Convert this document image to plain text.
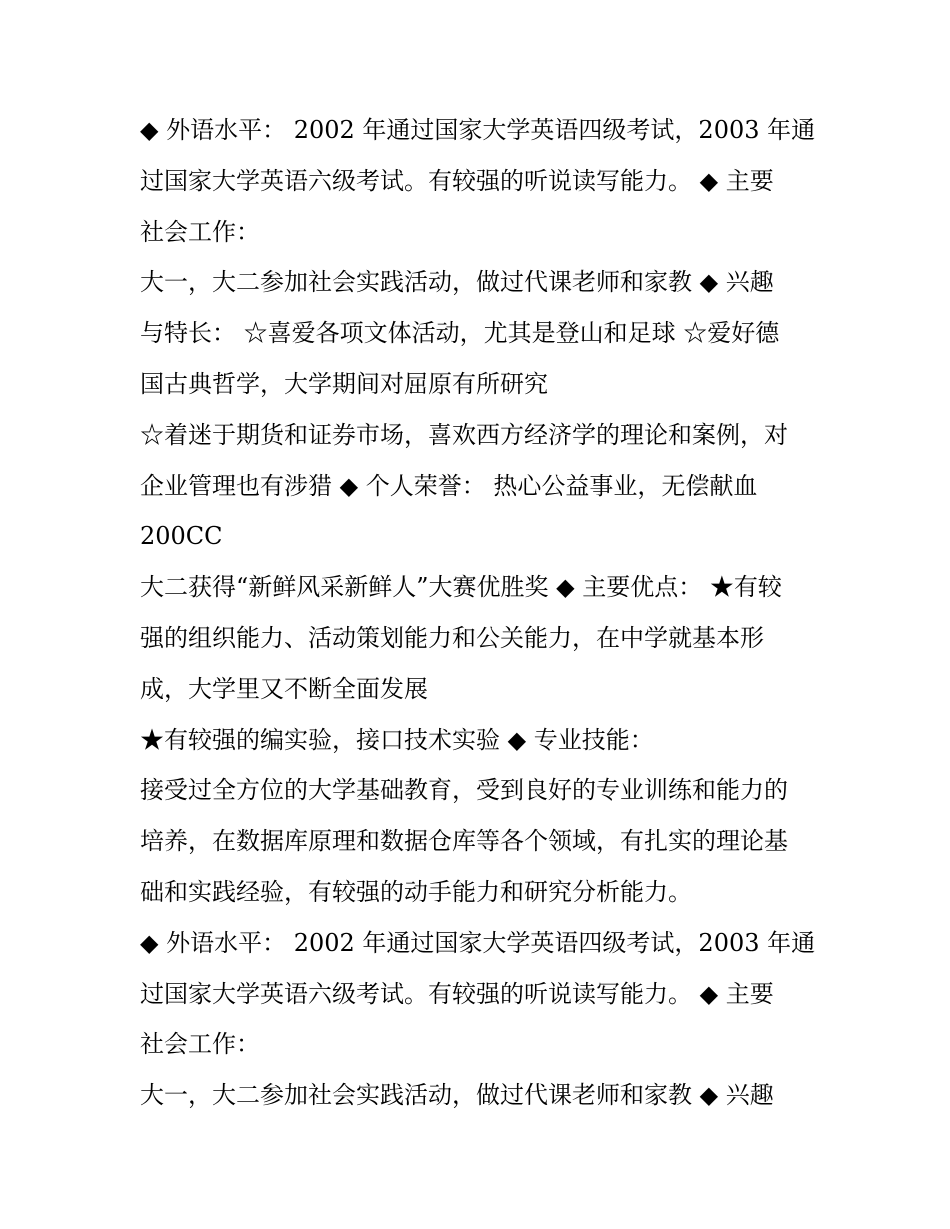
◆ 外语水平： 2002 年通过国家大学英语四级考试，2003 年通
过国家大学英语六级考试。有较强的听说读写能力。 ◆ 主要
社会工作：
大一，大二参加社会实践活动，做过代课老师和家教 ◆ 兴趣
与特长： ☆喜爱各项文体活动，尤其是登山和足球 ☆爱好德
国古典哲学，大学期间对屈原有所研究
☆着迷于期货和证券市场，喜欢西方经济学的理论和案例，对
企业管理也有涉猎 ◆ 个人荣誉： 热心公益事业，无偿献血
200CC
大二获得“新鲜风采新鲜人”大赛优胜奖 ◆ 主要优点： ★有较
强的组织能力、活动策划能力和公关能力，在中学就基本形
成，大学里又不断全面发展
★有较强的编实验，接口技术实验 ◆ 专业技能：
接受过全方位的大学基础教育，受到良好的专业训练和能力的
培养，在数据库原理和数据仓库等各个领域，有扎实的理论基
础和实践经验，有较强的动手能力和研究分析能力。
◆ 外语水平： 2002 年通过国家大学英语四级考试，2003 年通
过国家大学英语六级考试。有较强的听说读写能力。 ◆ 主要
社会工作：
大一，大二参加社会实践活动，做过代课老师和家教 ◆ 兴趣
